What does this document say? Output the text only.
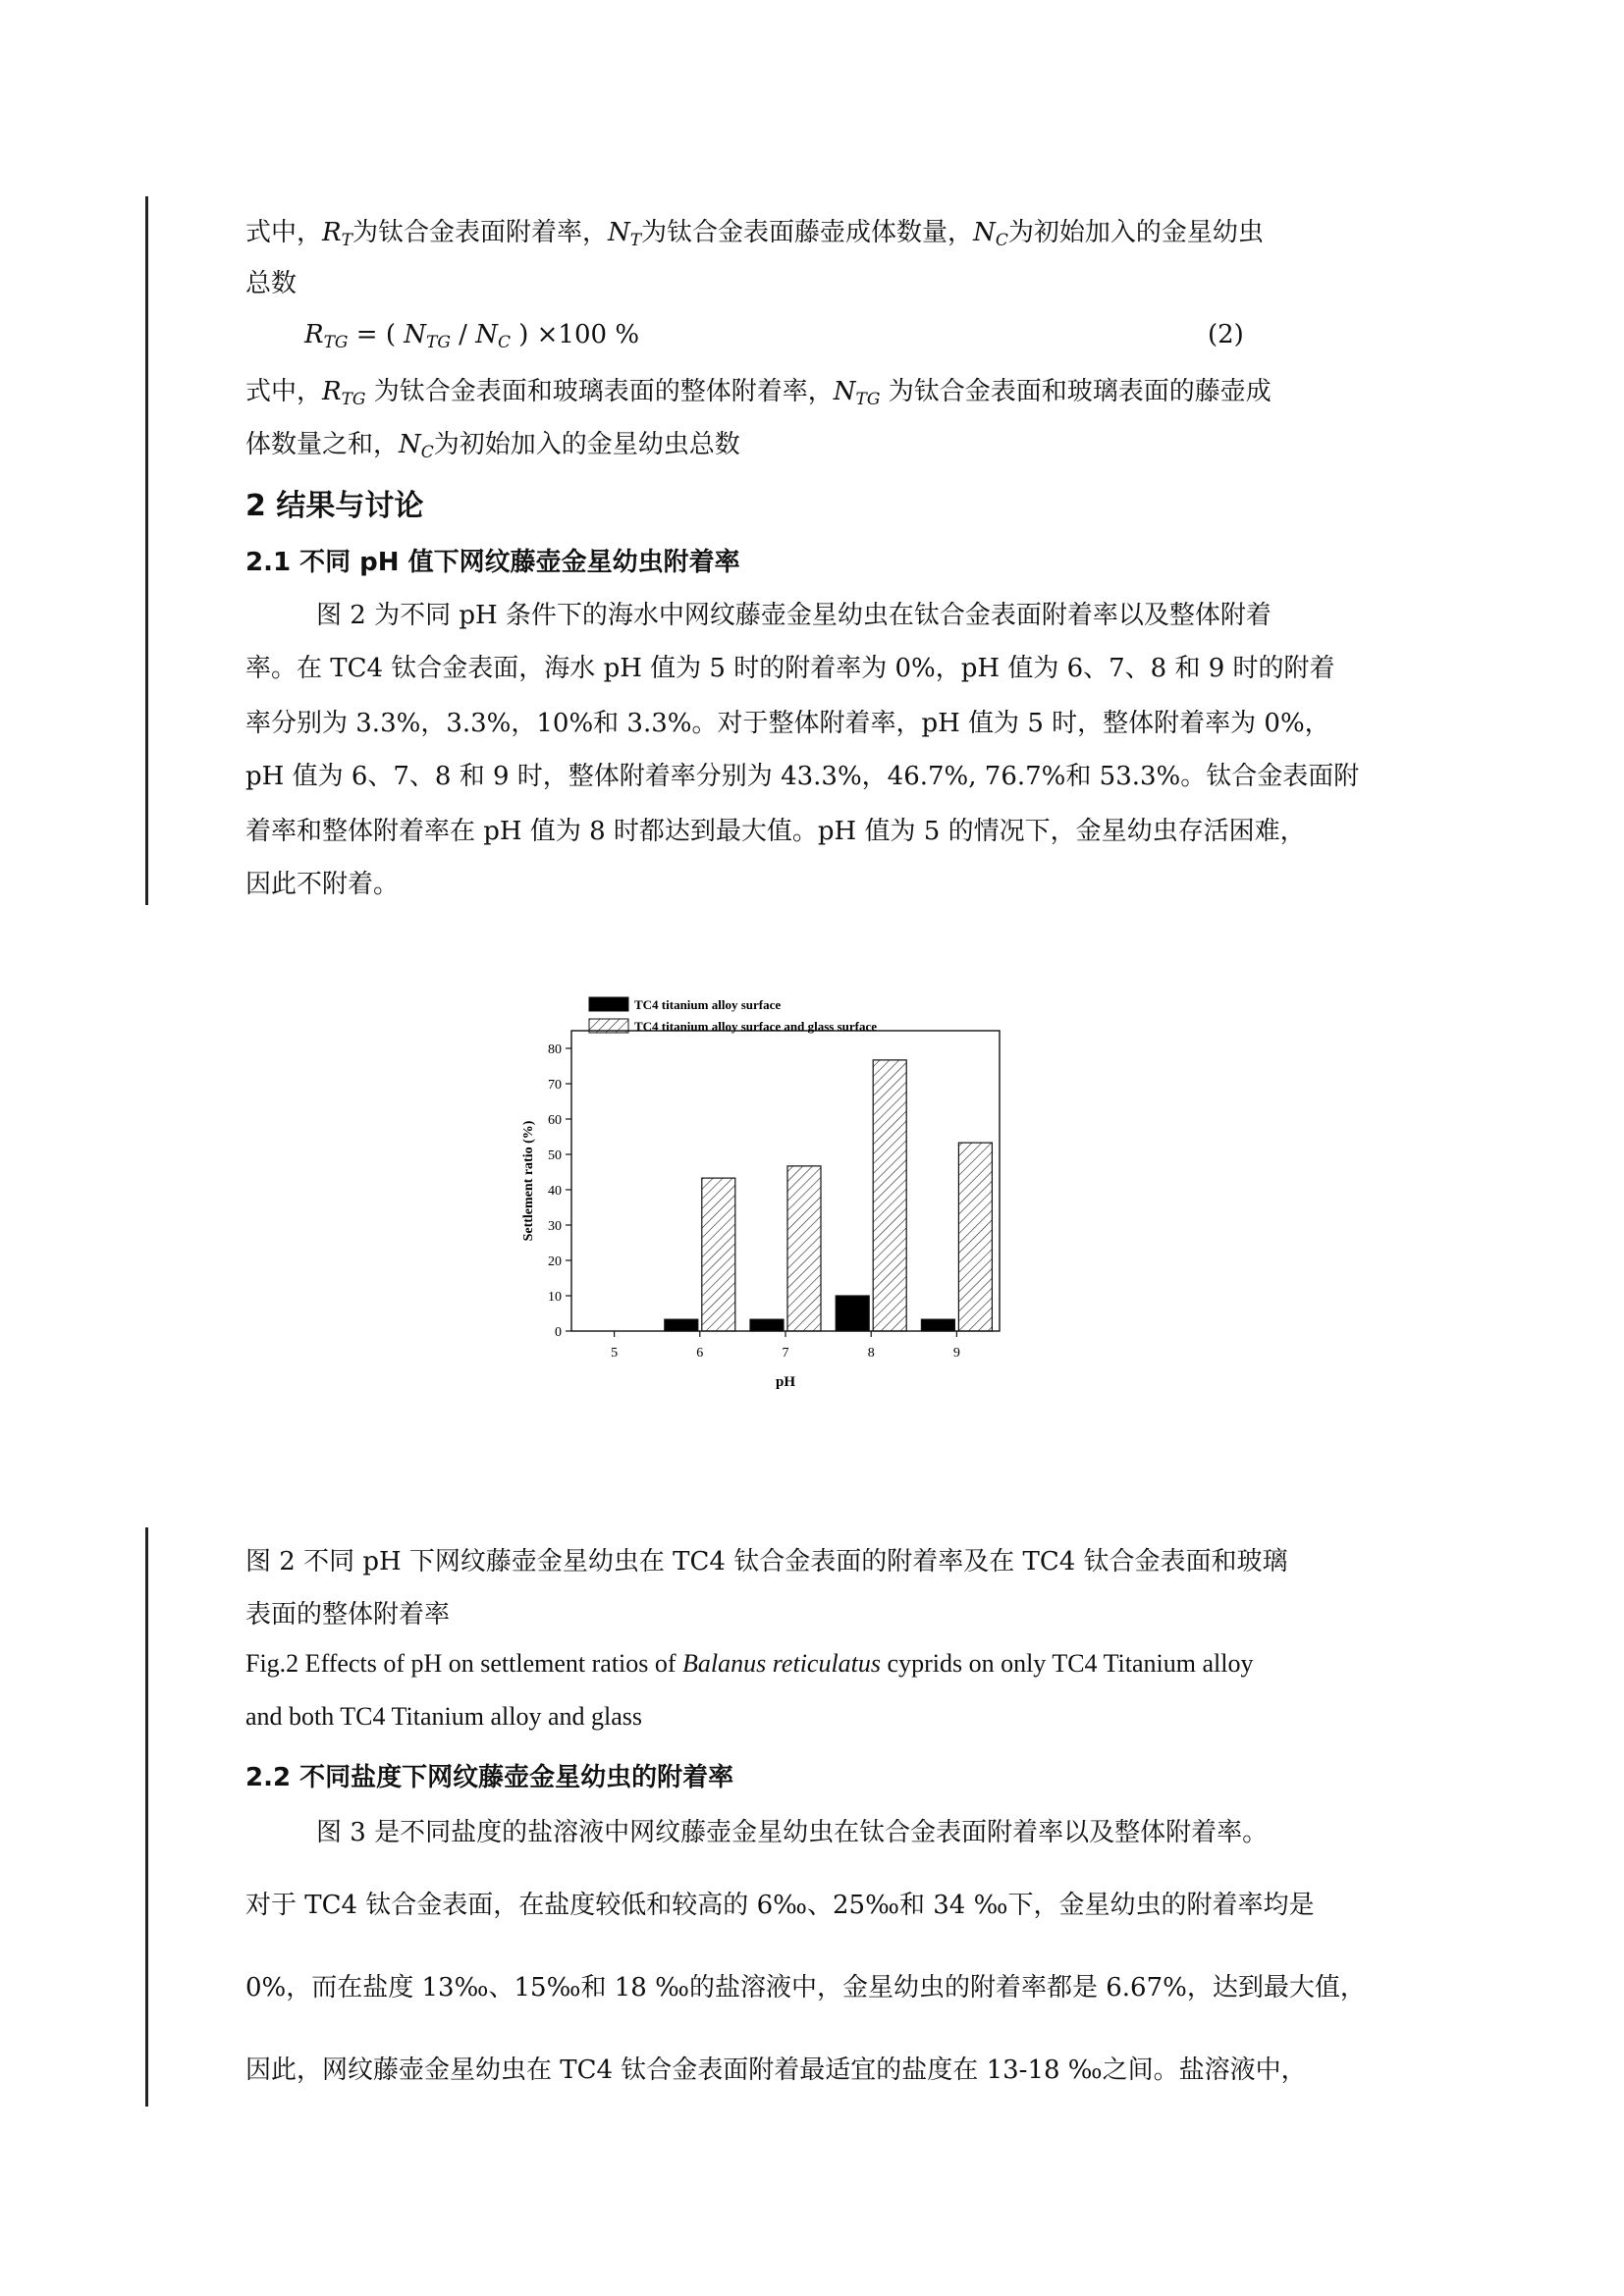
式中，$R_T$为钛合金表面附着率，$N_T$为钛合金表面藤壶成体数量，$N_C$为初始加入的金星幼虫
总数
$R_{TG}$ = ( $N_{TG} / N_C$ ) ×100 %	(2)
式中，$R_{TG}$ 为钛合金表面和玻璃表面的整体附着率，$N_{TG}$ 为钛合金表面和玻璃表面的藤壶成
体数量之和，$N_C$为初始加入的金星幼虫总数
2 结果与讨论
2.1 不同 pH 值下网纹藤壶金星幼虫附着率
图 2 为不同 pH 条件下的海水中网纹藤壶金星幼虫在钛合金表面附着率以及整体附着
率。在 TC4 钛合金表面，海水 pH 值为 5 时的附着率为 0%，pH 值为 6、7、8 和 9 时的附着
率分别为 3.3%，3.3%，10%和 3.3%。对于整体附着率，pH 值为 5 时，整体附着率为 0%，
pH 值为 6、7、8 和 9 时，整体附着率分别为 43.3%，46.7%, 76.7%和 53.3%。钛合金表面附
着率和整体附着率在 pH 值为 8 时都达到最大值。pH 值为 5 的情况下，金星幼虫存活困难，
因此不附着。
0
10
20
30
40
50
60
70
80
5	6	7	8	9
pH
Settlement ratio (%)
TC4 titanium alloy surface
TC4 titanium alloy surface and glass surface
图 2 不同 pH 下网纹藤壶金星幼虫在 TC4 钛合金表面的附着率及在 TC4 钛合金表面和玻璃
表面的整体附着率
Fig.2 Effects of pH on settlement ratios of Balanus reticulatus cyprids on only TC4 Titanium alloy
and both TC4 Titanium alloy and glass
2.2 不同盐度下网纹藤壶金星幼虫的附着率
图 3 是不同盐度的盐溶液中网纹藤壶金星幼虫在钛合金表面附着率以及整体附着率。
对于 TC4 钛合金表面，在盐度较低和较高的 6‰、25‰和 34 ‰下，金星幼虫的附着率均是
0%，而在盐度 13‰、15‰和 18 ‰的盐溶液中，金星幼虫的附着率都是 6.67%，达到最大值，
因此，网纹藤壶金星幼虫在 TC4 钛合金表面附着最适宜的盐度在 13-18 ‰之间。盐溶液中，
